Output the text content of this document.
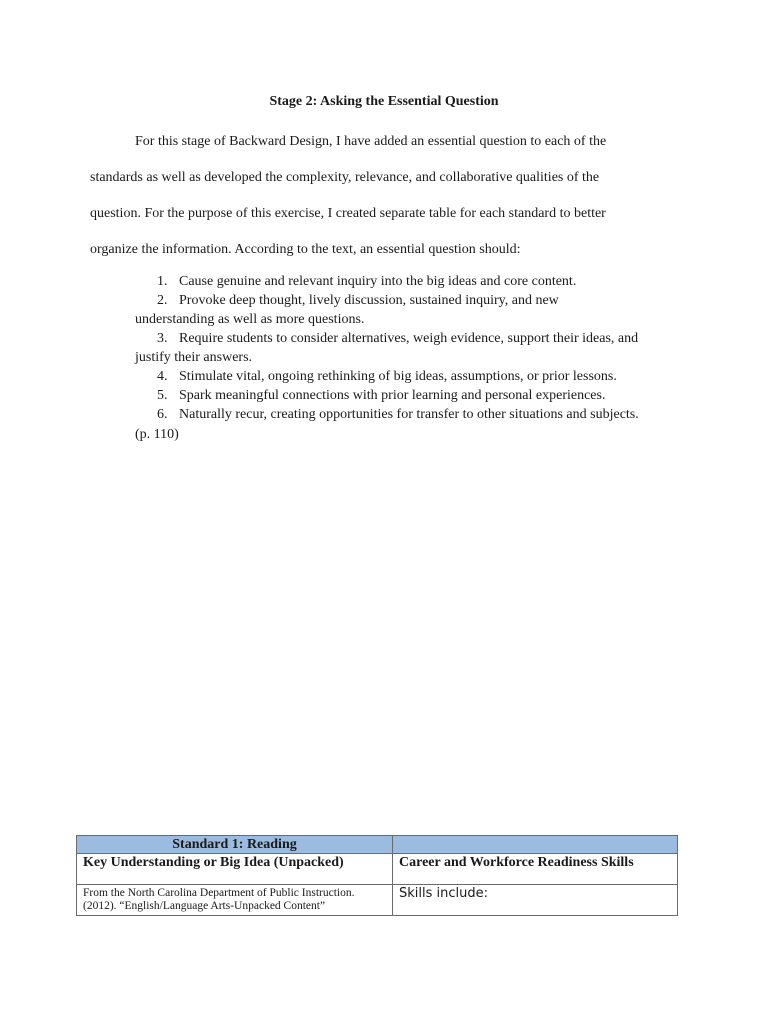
Stage 2: Asking the Essential Question
For this stage of Backward Design, I have added an essential question to each of the
standards as well as developed the complexity, relevance, and collaborative qualities of the
question. For the purpose of this exercise, I created separate table for each standard to better
organize the information. According to the text, an essential question should:
1. Cause genuine and relevant inquiry into the big ideas and core content.
2. Provoke deep thought, lively discussion, sustained inquiry, and new
understanding as well as more questions.
3. Require students to consider alternatives, weigh evidence, support their ideas, and
justify their answers.
4. Stimulate vital, ongoing rethinking of big ideas, assumptions, or prior lessons.
5. Spark meaningful connections with prior learning and personal experiences.
6. Naturally recur, creating opportunities for transfer to other situations and subjects.
(p. 110)
Standard 1: Reading	
Key Understanding or Big Idea (Unpacked)	Career and Workforce Readiness Skills
From the North Carolina Department of Public Instruction.
(2012). “English/Language Arts-Unpacked Content”	Skills include:
